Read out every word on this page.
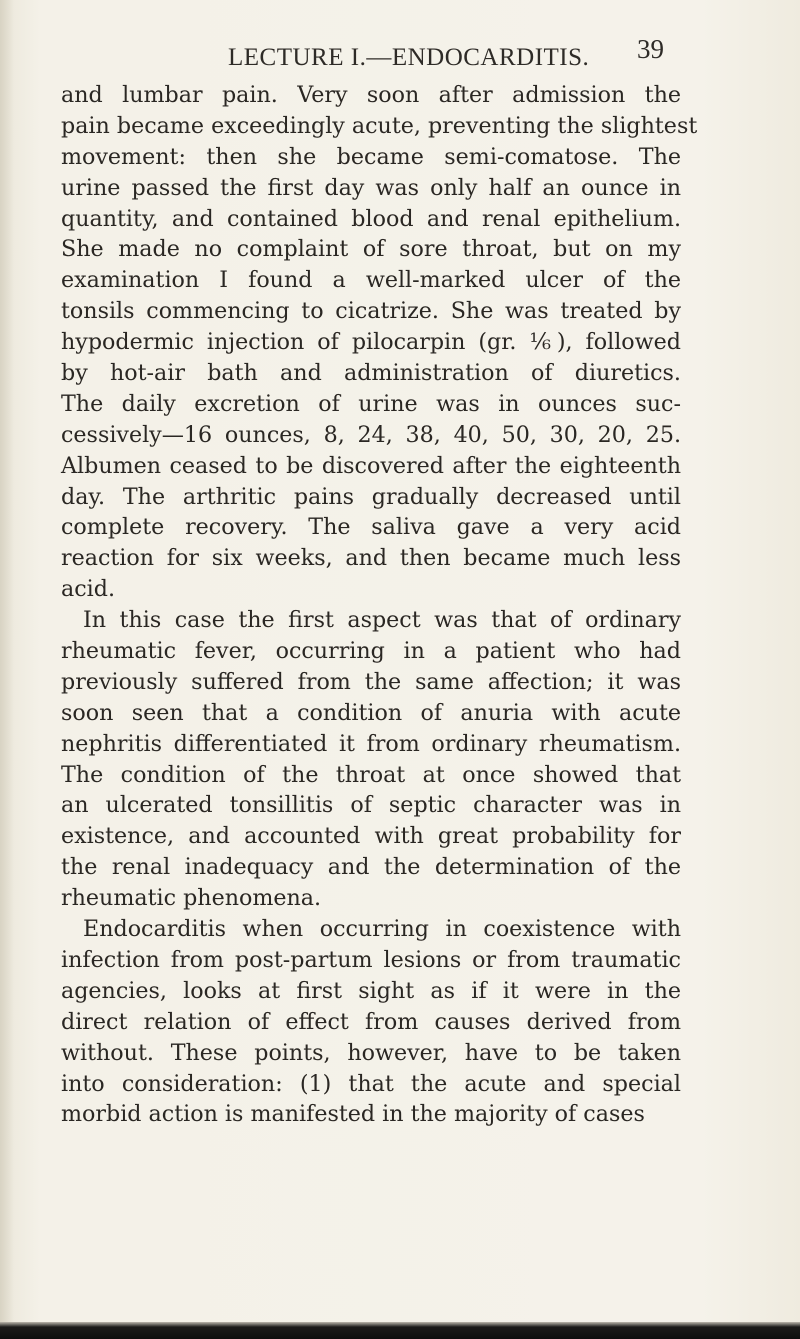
LECTURE I.—ENDOCARDITIS. 39
and lumbar pain. Very soon after admission the
pain became exceedingly acute, preventing the slightest
movement: then she became semi-comatose. The
urine passed the first day was only half an ounce in
quantity, and contained blood and renal epithelium.
She made no complaint of sore throat, but on my
examination I found a well-marked ulcer of the
tonsils commencing to cicatrize. She was treated by
hypodermic injection of pilocarpin (gr. ⅙), followed
by hot-air bath and administration of diuretics.
The daily excretion of urine was in ounces suc-
cessively—16 ounces, 8, 24, 38, 40, 50, 30, 20, 25.
Albumen ceased to be discovered after the eighteenth
day. The arthritic pains gradually decreased until
complete recovery. The saliva gave a very acid
reaction for six weeks, and then became much less
acid.
In this case the first aspect was that of ordinary
rheumatic fever, occurring in a patient who had
previously suffered from the same affection; it was
soon seen that a condition of anuria with acute
nephritis differentiated it from ordinary rheumatism.
The condition of the throat at once showed that
an ulcerated tonsillitis of septic character was in
existence, and accounted with great probability for
the renal inadequacy and the determination of the
rheumatic phenomena.
Endocarditis when occurring in coexistence with
infection from post-partum lesions or from traumatic
agencies, looks at first sight as if it were in the
direct relation of effect from causes derived from
without. These points, however, have to be taken
into consideration: (1) that the acute and special
morbid action is manifested in the majority of cases
